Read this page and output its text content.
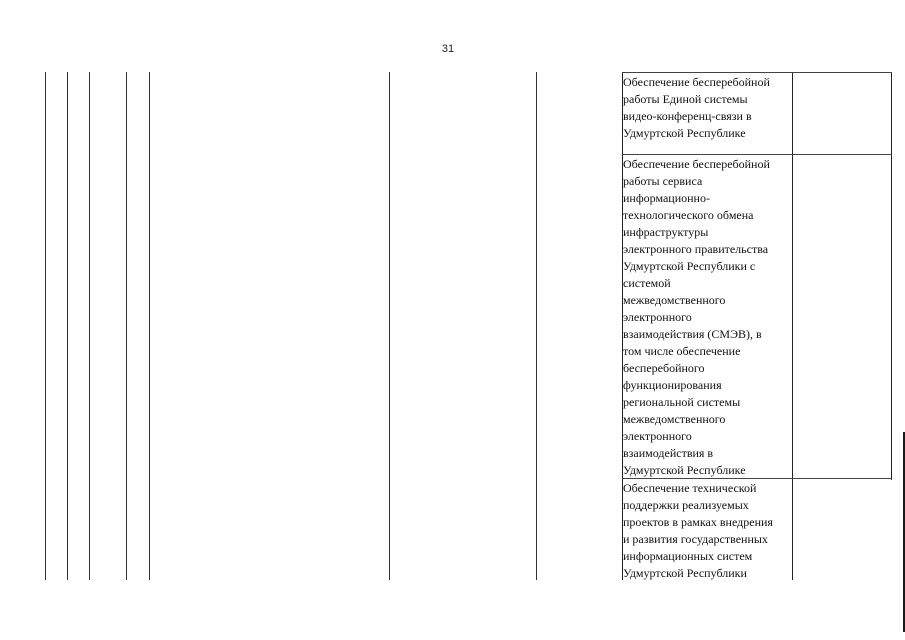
31
Обеспечение бесперебойной
работы Единой системы
видео-конференц-связи в
Удмуртской Республике
Обеспечение бесперебойной
работы сервиса
информационно-
технологического обмена
инфраструктуры
электронного правительства
Удмуртской Республики с
системой
межведомственного
электронного
взаимодействия (СМЭВ), в
том числе обеспечение
бесперебойного
функционирования
региональной системы
межведомственного
электронного
взаимодействия в
Удмуртской Республике
Обеспечение технической
поддержки реализуемых
проектов в рамках внедрения
и развития государственных
информационных систем
Удмуртской Республики
